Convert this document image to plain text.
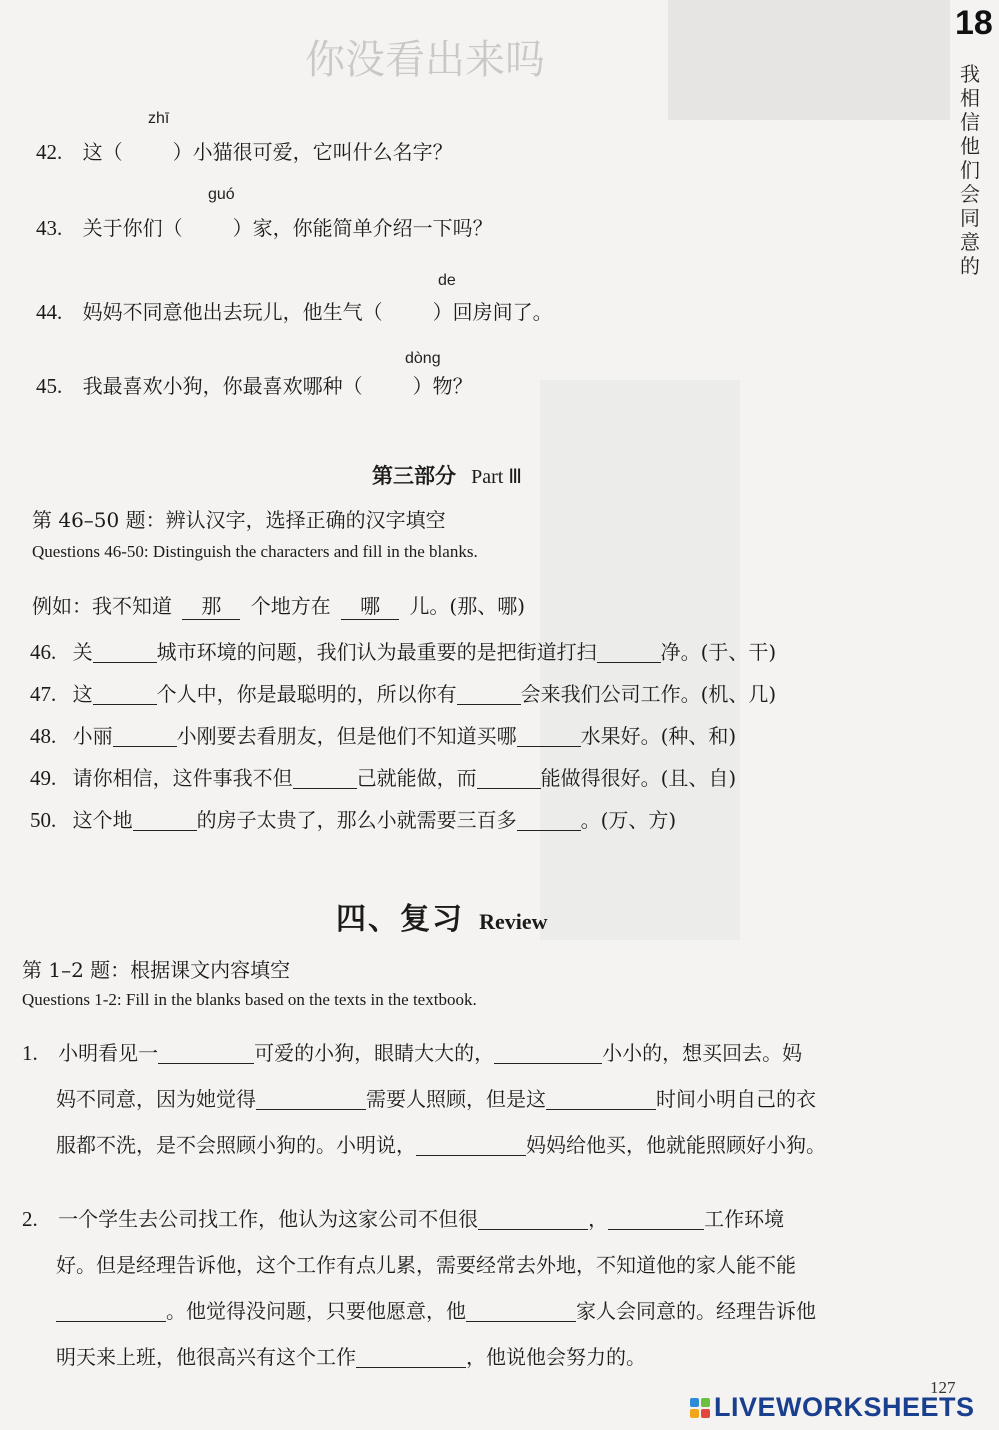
你没看出来吗
18
我相信他们会同意的
zhī
42. 这（	）小猫很可爱，它叫什么名字？
guó
43. 关于你们（	）家，你能简单介绍一下吗？
de
44. 妈妈不同意他出去玩儿，他生气（	）回房间了。
dòng
45. 我最喜欢小狗，你最喜欢哪种（	）物？
第三部分 Part Ⅲ
第 46–50 题：辨认汉字，选择正确的汉字填空
Questions 46-50: Distinguish the characters and fill in the blanks.
例如：我不知道 那 个地方在 哪 儿。(那、哪)
46. 关	城市环境的问题，我们认为最重要的是把街道打扫	净。(于、干)
47. 这	个人中，你是最聪明的，所以你有	会来我们公司工作。(机、几)
48. 小丽	小刚要去看朋友，但是他们不知道买哪	水果好。(种、和)
49. 请你相信，这件事我不但	己就能做，而	能做得很好。(且、自)
50. 这个地	的房子太贵了，那么小就需要三百多	。(万、方)
四、复习 Review
第 1–2 题：根据课文内容填空
Questions 1-2: Fill in the blanks based on the texts in the textbook.
1. 小明看见一	可爱的小狗，眼睛大大的，	小小的，想买回去。妈
妈不同意，因为她觉得	需要人照顾，但是这	时间小明自己的衣
服都不洗，是不会照顾小狗的。小明说，	妈妈给他买，他就能照顾好小狗。
2. 一个学生去公司找工作，他认为这家公司不但很	，	工作环境
好。但是经理告诉他，这个工作有点儿累，需要经常去外地，不知道他的家人能不能
。他觉得没问题，只要他愿意，他	家人会同意的。经理告诉他
明天来上班，他很高兴有这个工作	，他说他会努力的。
127
LIVEWORKSHEETS
